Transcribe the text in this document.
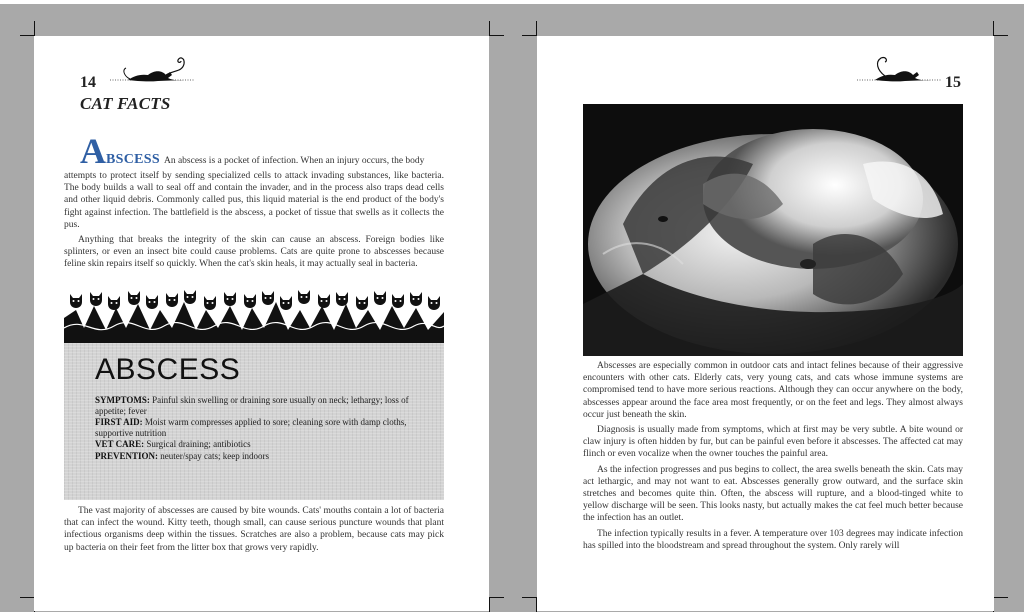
14
CAT FACTS
ABSCESS An abscess is a pocket of infection. When an injury occurs, the body

attempts to protect itself by sending specialized cells to attack invading substances, like bacteria. The body builds a wall to seal off and contain the invader, and in the process also traps dead cells and other liquid debris. Commonly called pus, this liquid material is the end product of the body's fight against infection. The battlefield is the abscess, a pocket of tissue that swells as it collects the pus.

Anything that breaks the integrity of the skin can cause an abscess. Foreign bodies like splinters, or even an insect bite could cause problems. Cats are quite prone to abscesses because feline skin repairs itself so quickly. When the cat's skin heals, it may actually seal in bacteria.

ABSCESS
SYMPTOMS: Painful skin swelling or draining sore usually on neck; lethargy; loss of appetite; fever
FIRST AID: Moist warm compresses applied to sore; cleaning sore with damp cloths, supportive nutrition
VET CARE: Surgical draining; antibiotics
PREVENTION: neuter/spay cats; keep indoors

The vast majority of abscesses are caused by bite wounds. Cats' mouths contain a lot of bacteria that can infect the wound. Kitty teeth, though small, can cause serious puncture wounds that plant infectious organisms deep within the tissues. Scratches are also a problem, because cats may pick up bacteria on their feet from the litter box that grows very rapidly.

15

Abscesses are especially common in outdoor cats and intact felines because of their aggressive encounters with other cats. Elderly cats, very young cats, and cats whose immune systems are compromised tend to have more serious reactions. Although they can occur anywhere on the body, abscesses appear around the face area most frequently, or on the feet and legs. They almost always occur just beneath the skin.

Diagnosis is usually made from symptoms, which at first may be very subtle. A bite wound or claw injury is often hidden by fur, but can be painful even before it abscesses. The affected cat may flinch or even vocalize when the owner touches the painful area.

As the infection progresses and pus begins to collect, the area swells beneath the skin. Cats may act lethargic, and may not want to eat. Abscesses generally grow outward, and the surface skin stretches and becomes quite thin. Often, the abscess will rupture, and a blood-tinged white to yellow discharge will be seen. This looks nasty, but actually makes the cat feel much better because the infection has an outlet.

The infection typically results in a fever. A temperature over 103 degrees may indicate infection has spilled into the bloodstream and spread throughout the system. Only rarely will
